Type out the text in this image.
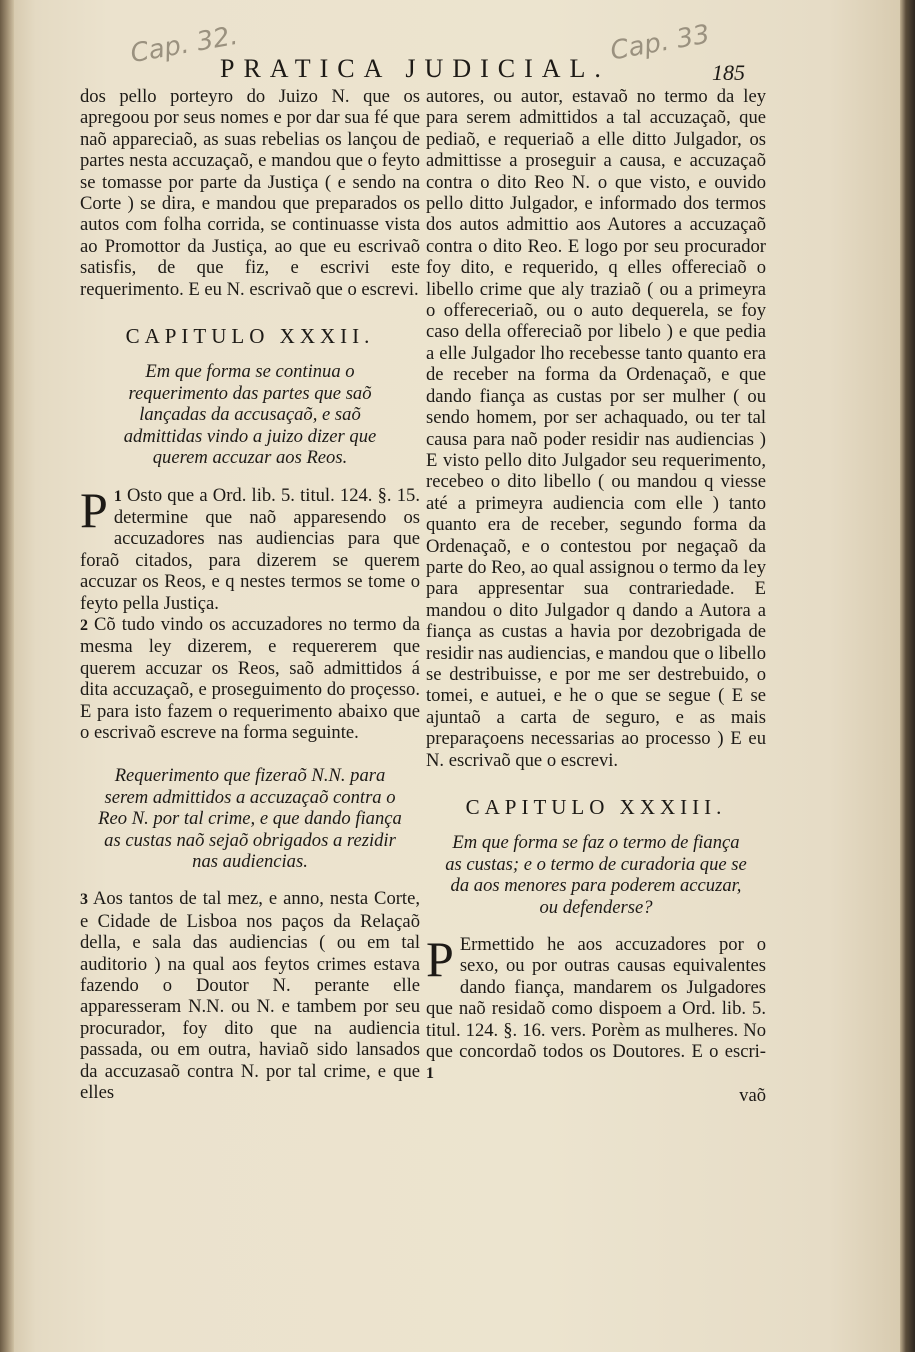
Cap. 32.	Cap. 33
PRATICA JUDICIAL.	185

dos pello porteyro do Juizo N. que os apregoou por seus nomes e por dar sua fé que naõ appareciaõ, as suas rebelias os lançou de partes nesta accuzaçaõ, e mandou que o feyto se tomasse por parte da Justiça ( e sendo na Corte ) se dira, e mandou que preparados os autos com folha corrida, se continuasse vista ao Promottor da Justiça, ao que eu escrivaõ satisfis, de que fiz, e escrivi este requerimento. E eu N. escrivaõ que o escrevi.

CAPITULO XXXII.
Em que forma se continua o requerimento das partes que saõ lançadas da accusaçaõ, e saõ admittidas vindo a juizo dizer que querem accuzar aos Reos.

1
P Osto que a Ord. lib. 5. titul. 124. §. 15. determine que naõ apparesendo os accuzadores nas audiencias para que foraõ citados, para dizerem se querem accuzar os Reos, e q nestes termos se tome o feyto pella Justiça.

2 Cõ tudo vindo os accuzadores no termo da mesma ley dizerem, e requererem que querem accuzar os Reos, saõ admittidos á dita accuzaçaõ, e proseguimento do proçesso. E para isto fazem o requerimento abaixo que o escrivaõ escreve na forma seguinte.

Requerimento que fizeraõ N.N. para serem admittidos a accuzaçaõ contra o Reo N. por tal crime, e que dando fiança as custas naõ sejaõ obrigados a rezidir nas audiencias.

3 Aos tantos de tal mez, e anno, nesta Corte, e Cidade de Lisboa nos paços da Relaçaõ della, e sala das audiencias ( ou em tal auditorio ) na qual aos feytos crimes estava fazendo o Doutor N. perante elle apparesseram N.N. ou N. e tambem por seu procurador, foy dito que na audiencia passada, ou em outra, haviaõ sido lansados da accuzasaõ contra N. por tal crime, e que elles

autores, ou autor, estavaõ no termo da ley para serem admittidos a tal accuzaçaõ, que pediaõ, e requeriaõ a elle ditto Julgador, os admittisse a proseguir a causa, e accuzaçaõ contra o dito Reo N. o que visto, e ouvido pello ditto Julgador, e informado dos termos dos autos admittio aos Autores a accuzaçaõ contra o dito Reo. E logo por seu procurador foy dito, e requerido, q elles offereciaõ o libello crime que aly traziaõ ( ou a primeyra o offereceriaõ, ou o auto dequerela, se foy caso della offereciaõ por libelo ) e que pedia a elle Julgador lho recebesse tanto quanto era de receber na forma da Ordenaçaõ, e que dando fiança as custas por ser mulher ( ou sendo homem, por ser achaquado, ou ter tal causa para naõ poder residir nas audiencias ) E visto pello dito Julgador seu requerimento, recebeo o dito libello ( ou mandou q viesse até a primeyra audiencia com elle ) tanto quanto era de receber, segundo forma da Ordenaçaõ, e o contestou por negaçaõ da parte do Reo, ao qual assignou o termo da ley para appresentar sua contrariedade. E mandou o dito Julgador q dando a Autora a fiança as custas a havia por dezobrigada de residir nas audiencias, e mandou que o libello se destribuisse, e por me ser destrebuido, o tomei, e autuei, e he o que se segue ( E se ajuntaõ a carta de seguro, e as mais preparaçoens necessarias ao processo ) E eu N. escrivaõ que o escrevi.

CAPITULO XXXIII.
Em que forma se faz o termo de fiança as custas; e o termo de curadoria que se da aos menores para poderem accuzar, ou defenderse?

P Ermettido he aos accuzadores por o sexo, ou por outras causas equivalentes dando fiança, mandarem os Julgadores que naõ residaõ como dispoem a Ord. lib. 5. titul. 124. §. 16. vers. Porèm as mulheres. No que concordaõ todos os Doutores. E o escri- 1

vaõ
